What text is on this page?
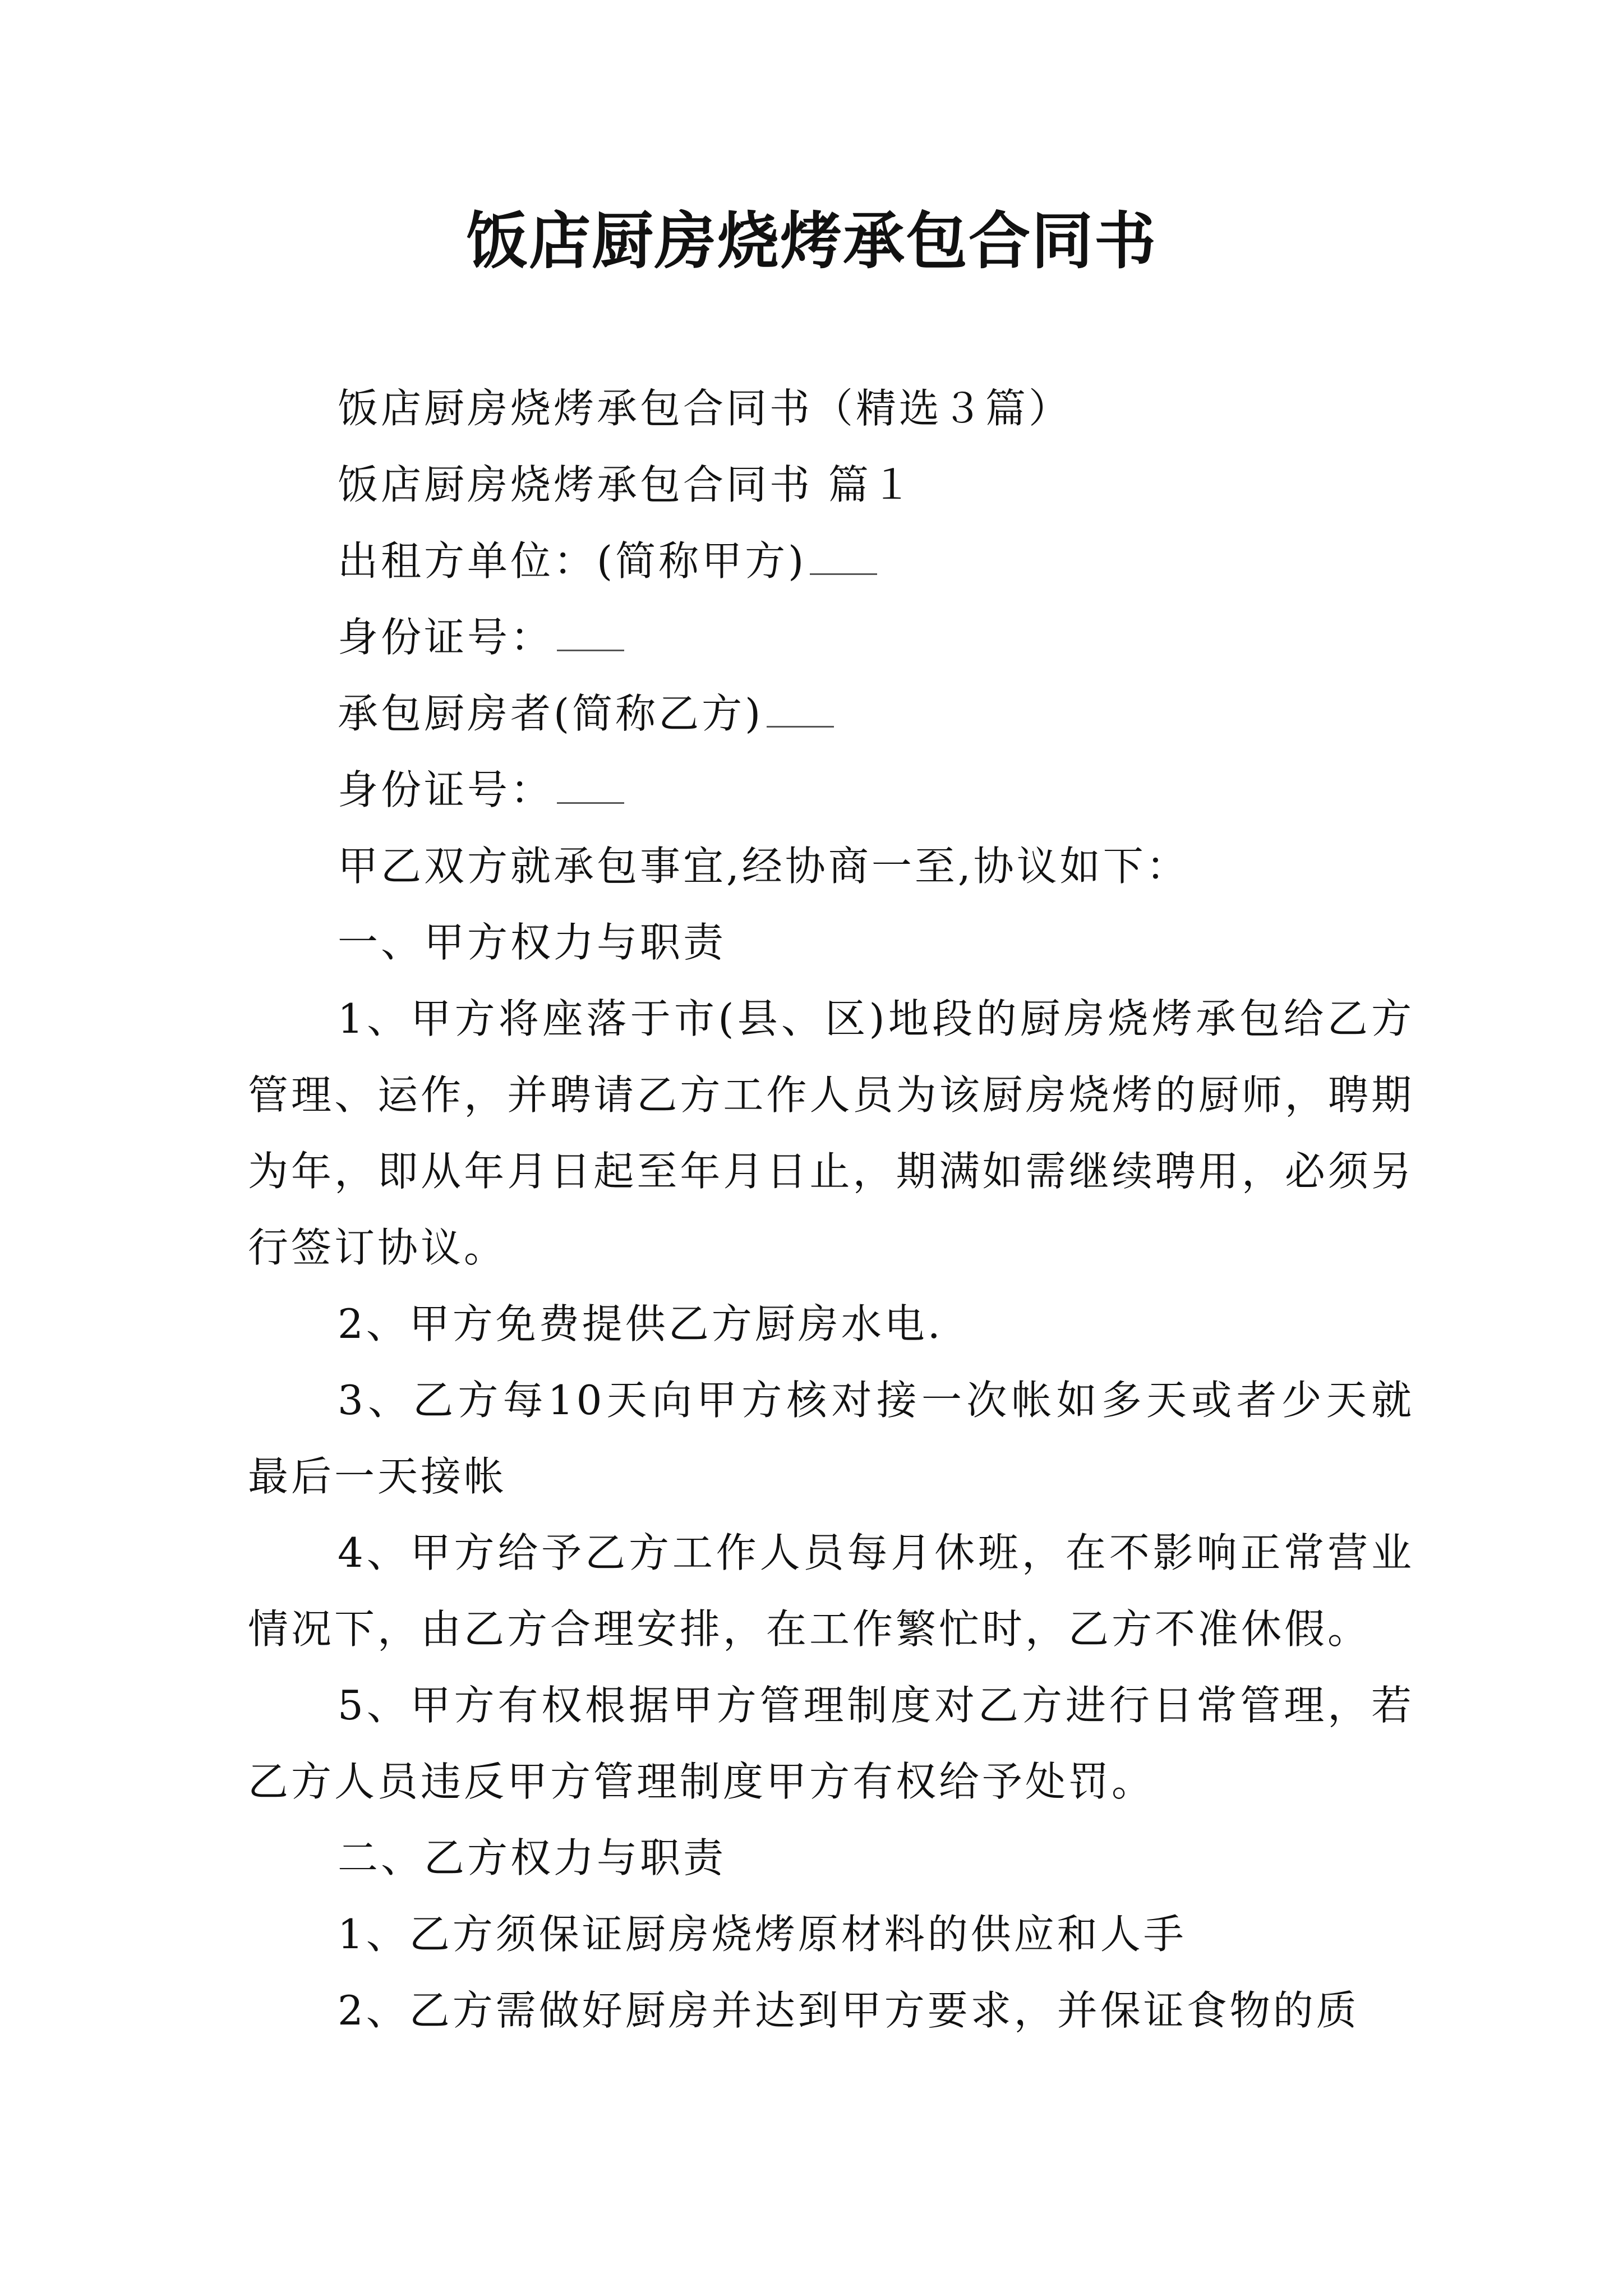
饭店厨房烧烤承包合同书

饭店厨房烧烤承包合同书（精选３篇）

饭店厨房烧烤承包合同书 篇１

出租方单位：(简称甲方)

身份证号：

承包厨房者(简称乙方)

身份证号：

甲乙双方就承包事宜,经协商一至,协议如下：

一、甲方权力与职责

1、甲方将座落于市(县、区)地段的厨房烧烤承包给乙方管理、运作，并聘请乙方工作人员为该厨房烧烤的厨师，聘期为年，即从年月日起至年月日止，期满如需继续聘用，必须另行签订协议。

2、甲方免费提供乙方厨房水电.

3、乙方每10天向甲方核对接一次帐如多天或者少天就最后一天接帐

4、甲方给予乙方工作人员每月休班，在不影响正常营业情况下，由乙方合理安排，在工作繁忙时，乙方不准休假。

5、甲方有权根据甲方管理制度对乙方进行日常管理，若乙方人员违反甲方管理制度甲方有权给予处罚。

二、乙方权力与职责

1、乙方须保证厨房烧烤原材料的供应和人手

2、乙方需做好厨房并达到甲方要求，并保证食物的质
